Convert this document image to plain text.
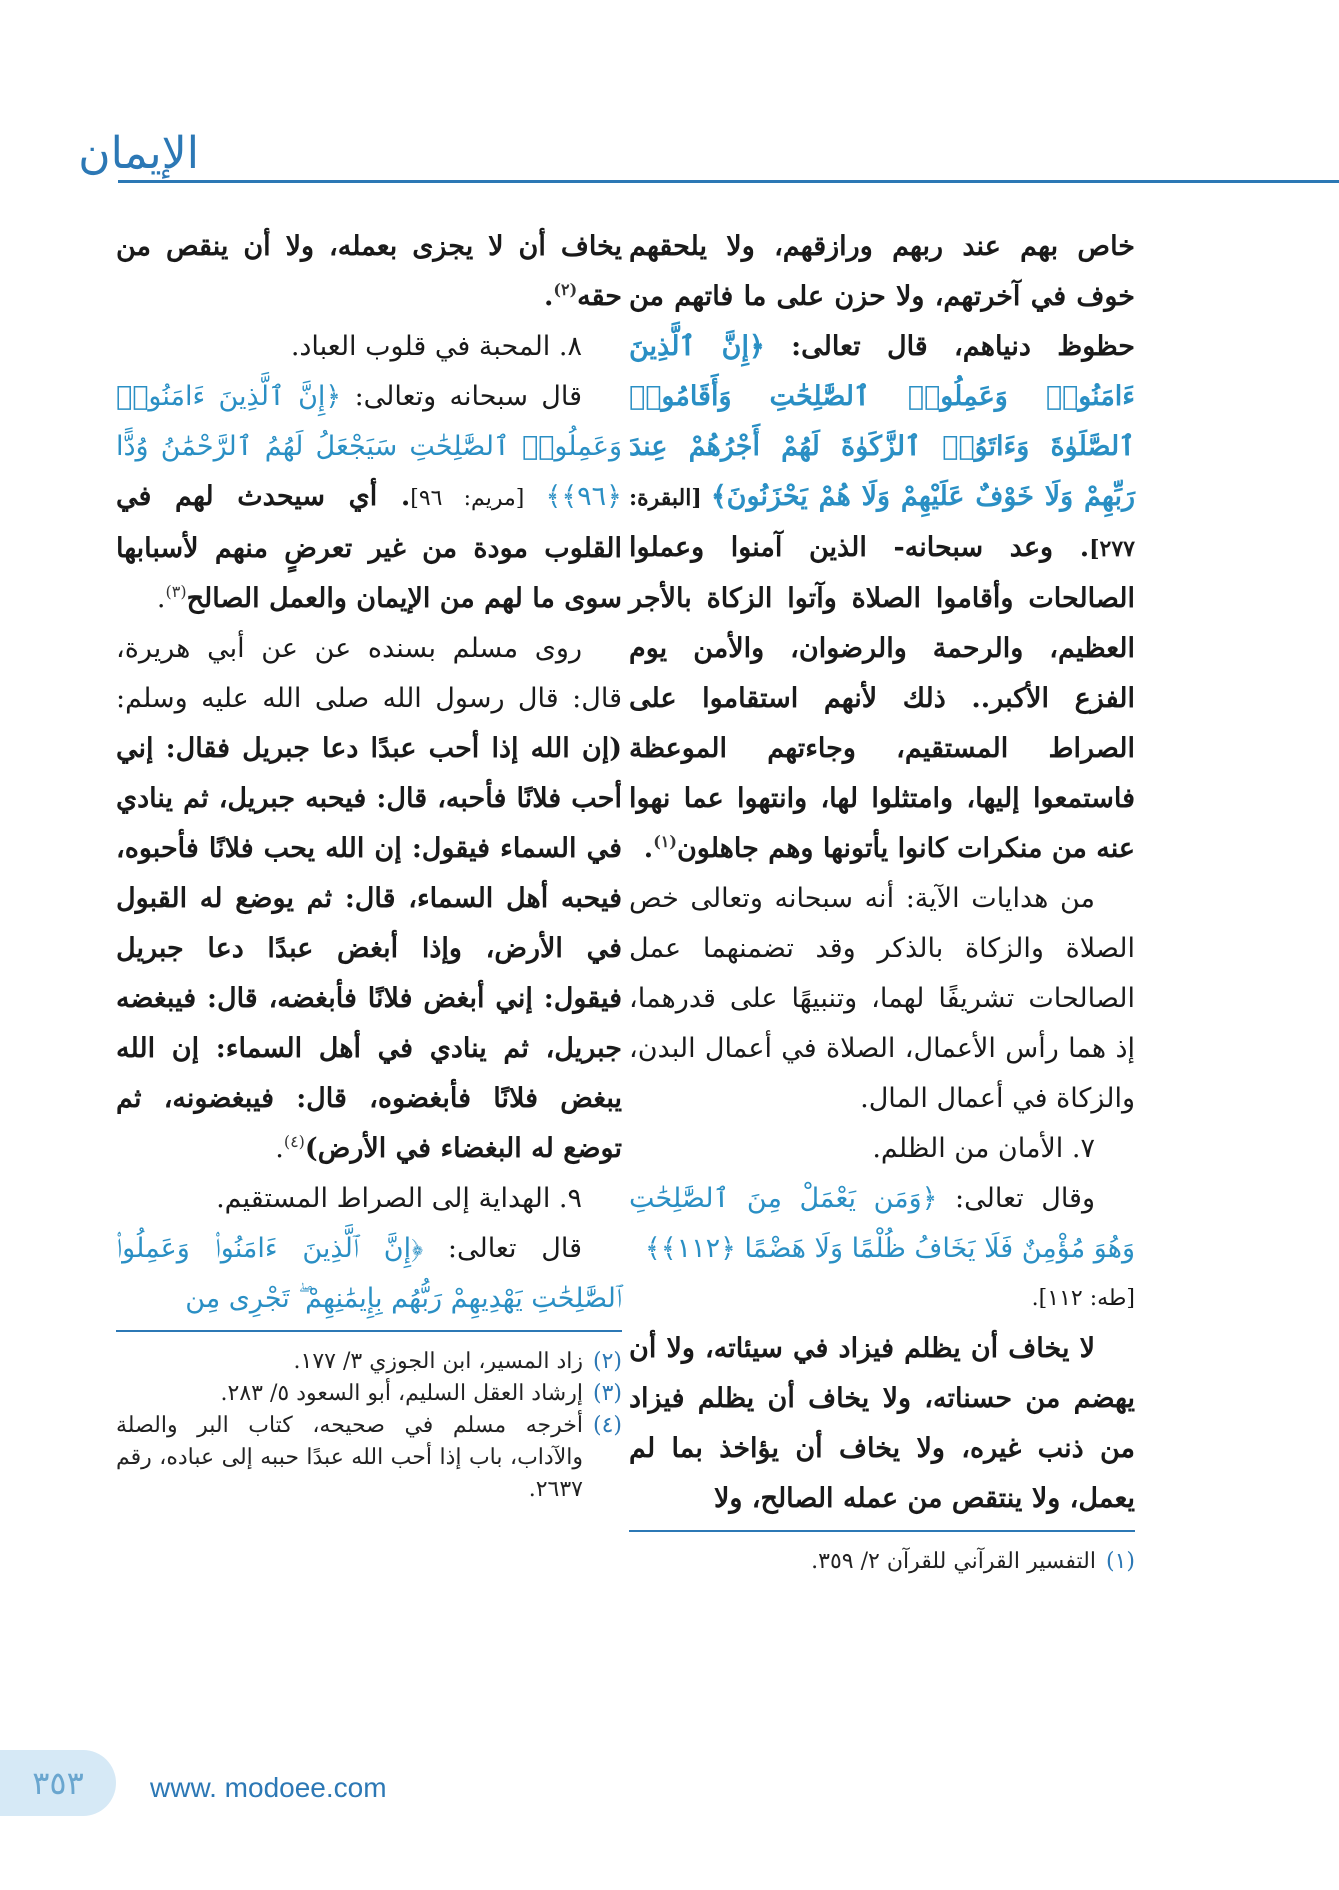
الإيمان

خاص بهم عند ربهم ورازقهم، ولا يلحقهم خوف في آخرتهم، ولا حزن على ما فاتهم من حظوظ دنياهم، قال تعالى: ﴿إِنَّ ٱلَّذِينَ ءَامَنُوا۟ وَعَمِلُوا۟ ٱلصَّٰلِحَٰتِ وَأَقَامُوا۟ ٱلصَّلَوٰةَ وَءَاتَوُا۟ ٱلزَّكَوٰةَ لَهُمْ أَجْرُهُمْ عِندَ رَبِّهِمْ وَلَا خَوْفٌ عَلَيْهِمْ وَلَا هُمْ يَحْزَنُونَ﴾ [البقرة: ٢٧٧]. وعد سبحانه- الذين آمنوا وعملوا الصالحات وأقاموا الصلاة وآتوا الزكاة بالأجر العظيم، والرحمة والرضوان، والأمن يوم الفزع الأكبر.. ذلك لأنهم استقاموا على الصراط المستقيم، وجاءتهم الموعظة فاستمعوا إليها، وامتثلوا لها، وانتهوا عما نهوا عنه من منكرات كانوا يأتونها وهم جاهلون$^{(١)}$.

من هدايات الآية: أنه سبحانه وتعالى خص الصلاة والزكاة بالذكر وقد تضمنهما عمل الصالحات تشريفًا لهما، وتنبيهًا على قدرهما، إذ هما رأس الأعمال، الصلاة في أعمال البدن، والزكاة في أعمال المال.

٧. الأمان من الظلم.

وقال تعالى: ﴿وَمَن يَعْمَلْ مِنَ ٱلصَّٰلِحَٰتِ وَهُوَ مُؤْمِنٌ فَلَا يَخَافُ ظُلْمًا وَلَا هَضْمًا ﴿١١٢﴾﴾

[طه: ١١٢].

لا يخاف أن يظلم فيزاد في سيئاته، ولا أن يهضم من حسناته، ولا يخاف أن يظلم فيزاد من ذنب غيره، ولا يخاف أن يؤاخذ بما لم يعمل، ولا ينتقص من عمله الصالح، ولا

(١)
التفسير القرآني للقرآن ٢/ ٣٥٩.

يخاف أن لا يجزى بعمله، ولا أن ينقص من حقه$^{(٢)}$.

٨. المحبة في قلوب العباد.

قال سبحانه وتعالى: ﴿إِنَّ ٱلَّذِينَ ءَامَنُوا۟ وَعَمِلُوا۟ ٱلصَّٰلِحَٰتِ سَيَجْعَلُ لَهُمُ ٱلرَّحْمَٰنُ وُدًّا ﴿٩٦﴾﴾ [مريم: ٩٦]. أي سيحدث لهم في القلوب مودة من غير تعرضٍ منهم لأسبابها سوى ما لهم من الإيمان والعمل الصالح$^{(٣)}$.

روى مسلم بسنده عن عن أبي هريرة، قال: قال رسول الله صلى الله عليه وسلم: (إن الله إذا أحب عبدًا دعا جبريل فقال: إني أحب فلانًا فأحبه، قال: فيحبه جبريل، ثم ينادي في السماء فيقول: إن الله يحب فلانًا فأحبوه، فيحبه أهل السماء، قال: ثم يوضع له القبول في الأرض، وإذا أبغض عبدًا دعا جبريل فيقول: إني أبغض فلانًا فأبغضه، قال: فيبغضه جبريل، ثم ينادي في أهل السماء: إن الله يبغض فلانًا فأبغضوه، قال: فيبغضونه، ثم توضع له البغضاء في الأرض)$^{(٤)}$.

٩. الهداية إلى الصراط المستقيم.

قال تعالى: ﴿إِنَّ ٱلَّذِينَ ءَامَنُوا۟ وَعَمِلُوا۟ ٱلصَّٰلِحَٰتِ يَهْدِيهِمْ رَبُّهُم بِإِيمَٰنِهِمْ ۖ تَجْرِى مِن

(٢)
زاد المسير، ابن الجوزي ٣/ ١٧٧.
(٣)
إرشاد العقل السليم، أبو السعود ٥/ ٢٨٣.
(٤)
أخرجه مسلم في صحيحه، كتاب البر والصلة والآداب، باب إذا أحب الله عبدًا حببه إلى عباده، رقم ٢٦٣٧.
٣٥٣	www. modoee.com
